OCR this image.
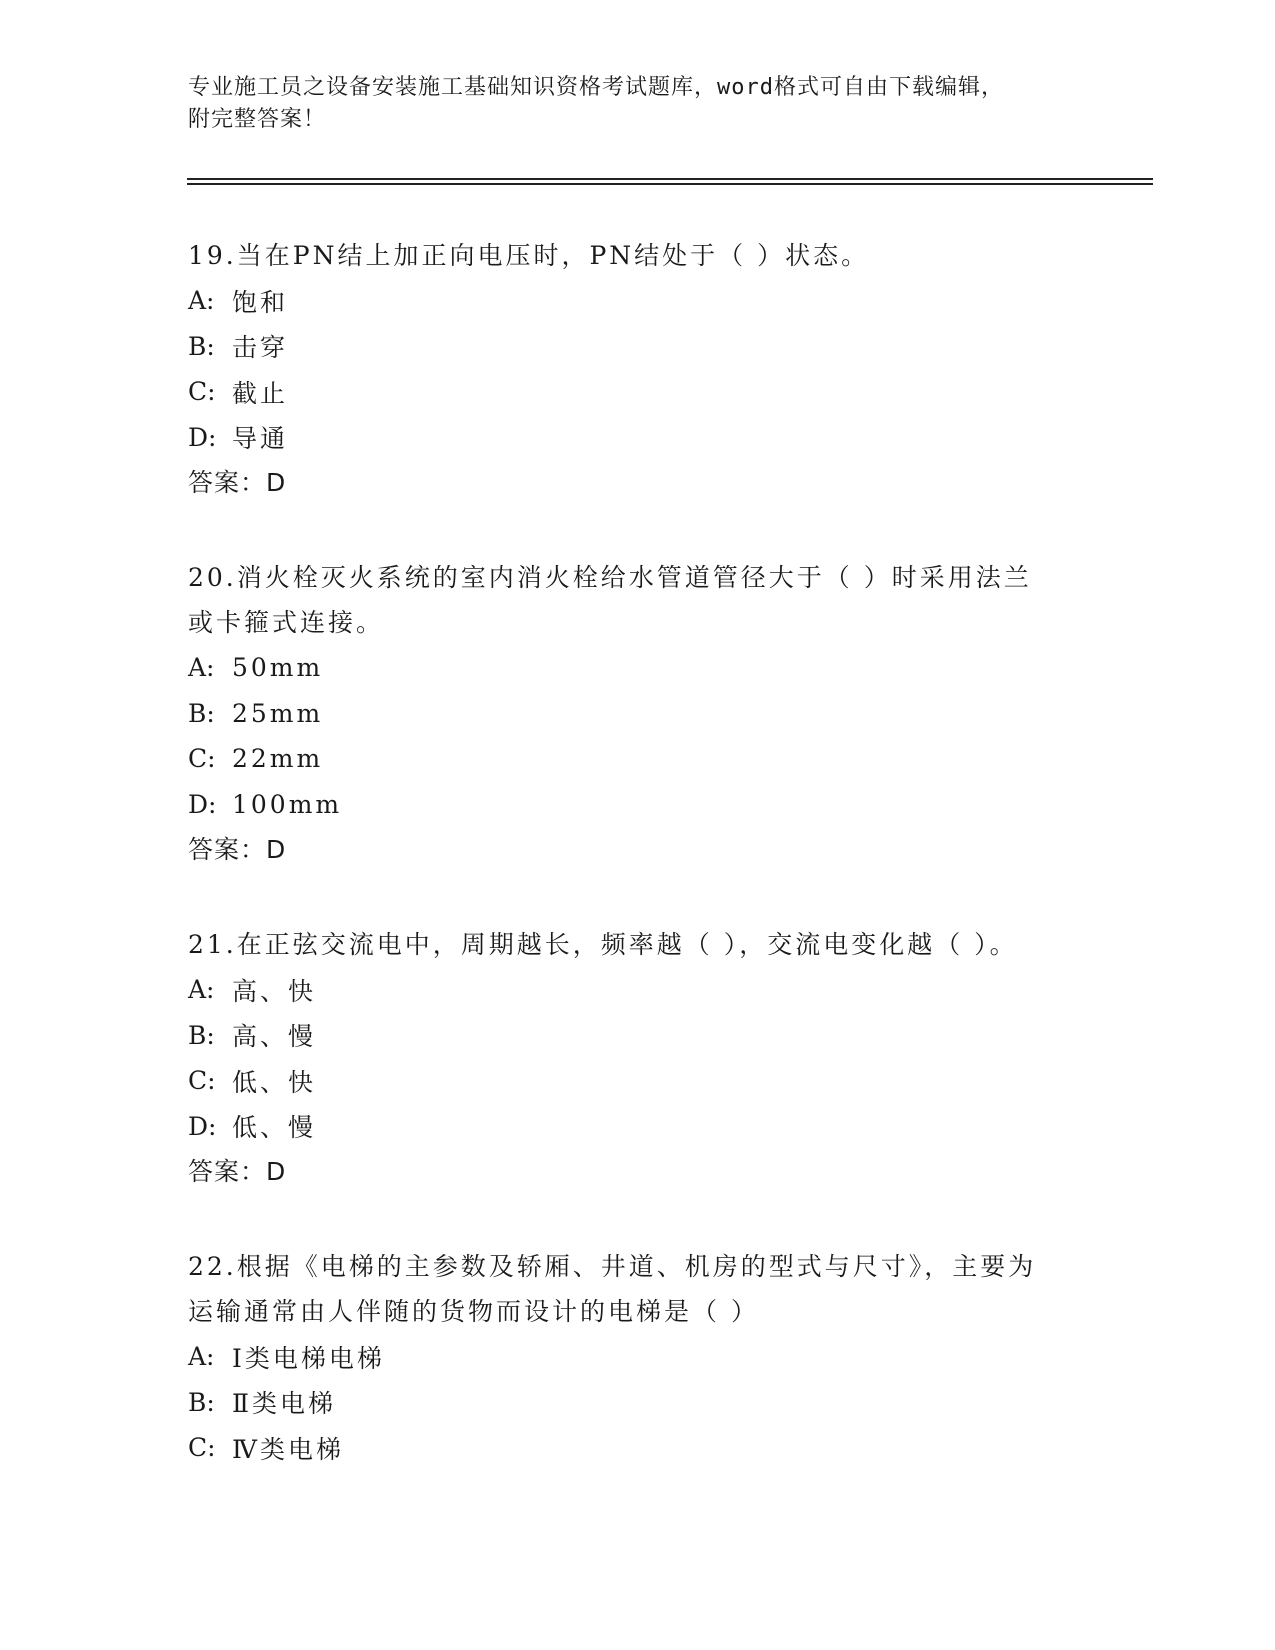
专业施工员之设备安装施工基础知识资格考试题库，word格式可自由下载编辑，
附完整答案！
19.当在PN结上加正向电压时，PN结处于（ ）状态。
A: 饱和
B: 击穿
C: 截止
D: 导通
答案：D
20.消火栓灭火系统的室内消火栓给水管道管径大于（ ）时采用法兰
或卡箍式连接。
A: 50mm
B: 25mm
C: 22mm
D: 100mm
答案：D
21.在正弦交流电中，周期越长，频率越（ ），交流电变化越（ ）。
A: 高、快
B: 高、慢
C: 低、快
D: 低、慢
答案：D
22.根据《电梯的主参数及轿厢、井道、机房的型式与尺寸》，主要为
运输通常由人伴随的货物而设计的电梯是（ ）
A: Ⅰ类电梯电梯
B: Ⅱ类电梯
C: Ⅳ类电梯
